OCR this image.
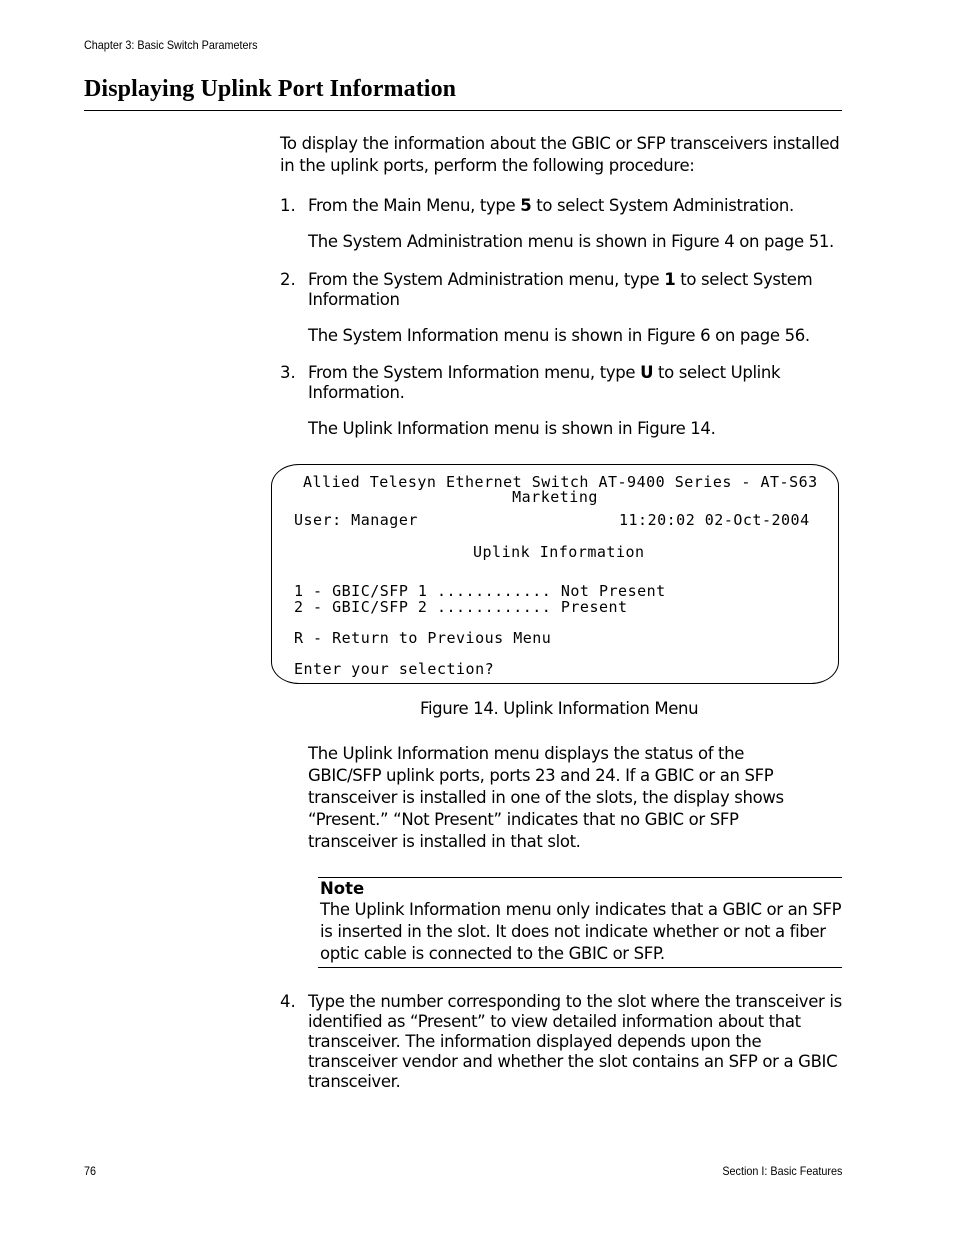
Chapter 3: Basic Switch Parameters
Displaying Uplink Port Information
To display the information about the GBIC or SFP transceivers installed in the uplink ports, perform the following procedure:
1. From the Main Menu, type 5 to select System Administration.
The System Administration menu is shown in Figure 4 on page 51.
2. From the System Administration menu, type 1 to select System Information
The System Information menu is shown in Figure 6 on page 56.
3. From the System Information menu, type U to select Uplink Information.
The Uplink Information menu is shown in Figure 14.
Allied Telesyn Ethernet Switch AT-9400 Series - AT-S63
Marketing
User: Manager	11:20:02 02-Oct-2004
Uplink Information
1 - GBIC/SFP 1 ............ Not Present
2 - GBIC/SFP 2 ............ Present
R - Return to Previous Menu
Enter your selection?
Figure 14. Uplink Information Menu
The Uplink Information menu displays the status of the GBIC/SFP uplink ports, ports 23 and 24. If a GBIC or an SFP transceiver is installed in one of the slots, the display shows “Present.” “Not Present” indicates that no GBIC or SFP transceiver is installed in that slot.
Note
The Uplink Information menu only indicates that a GBIC or an SFP is inserted in the slot. It does not indicate whether or not a fiber optic cable is connected to the GBIC or SFP.
4. Type the number corresponding to the slot where the transceiver is identified as “Present” to view detailed information about that transceiver. The information displayed depends upon the transceiver vendor and whether the slot contains an SFP or a GBIC transceiver.
76	Section I: Basic Features
